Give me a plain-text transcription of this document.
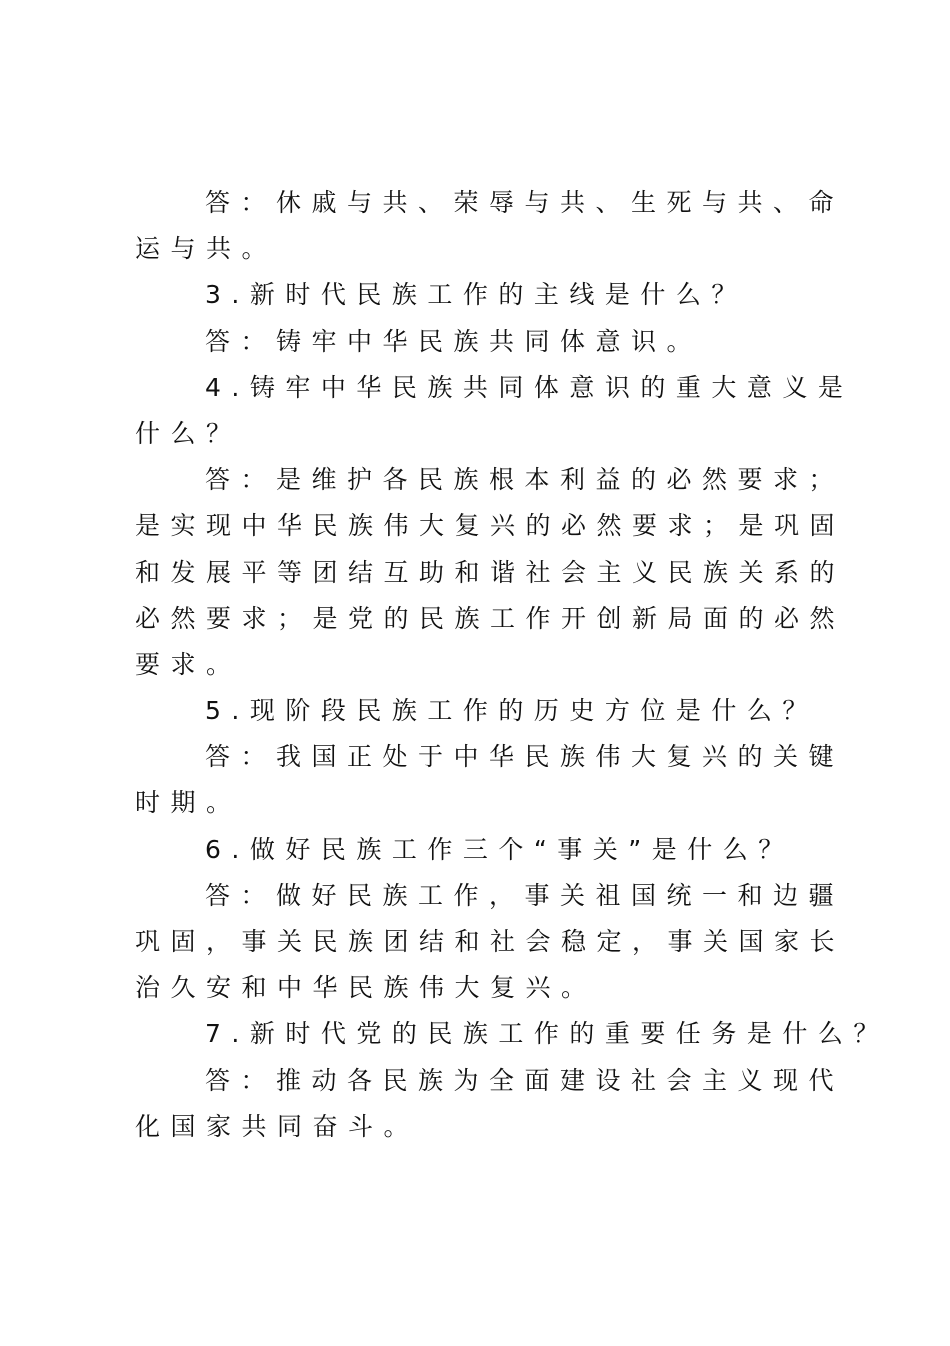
答：休戚与共、荣辱与共、生死与共、命
运与共。
3.新时代民族工作的主线是什么？
答：铸牢中华民族共同体意识。
4.铸牢中华民族共同体意识的重大意义是
什么？
答：是维护各民族根本利益的必然要求；
是实现中华民族伟大复兴的必然要求；是巩固
和发展平等团结互助和谐社会主义民族关系的
必然要求；是党的民族工作开创新局面的必然
要求。
5.现阶段民族工作的历史方位是什么？
答：我国正处于中华民族伟大复兴的关键
时期。
6.做好民族工作三个“事关”是什么？
答：做好民族工作，事关祖国统一和边疆
巩固，事关民族团结和社会稳定，事关国家长
治久安和中华民族伟大复兴。
7.新时代党的民族工作的重要任务是什么？
答：推动各民族为全面建设社会主义现代
化国家共同奋斗。
